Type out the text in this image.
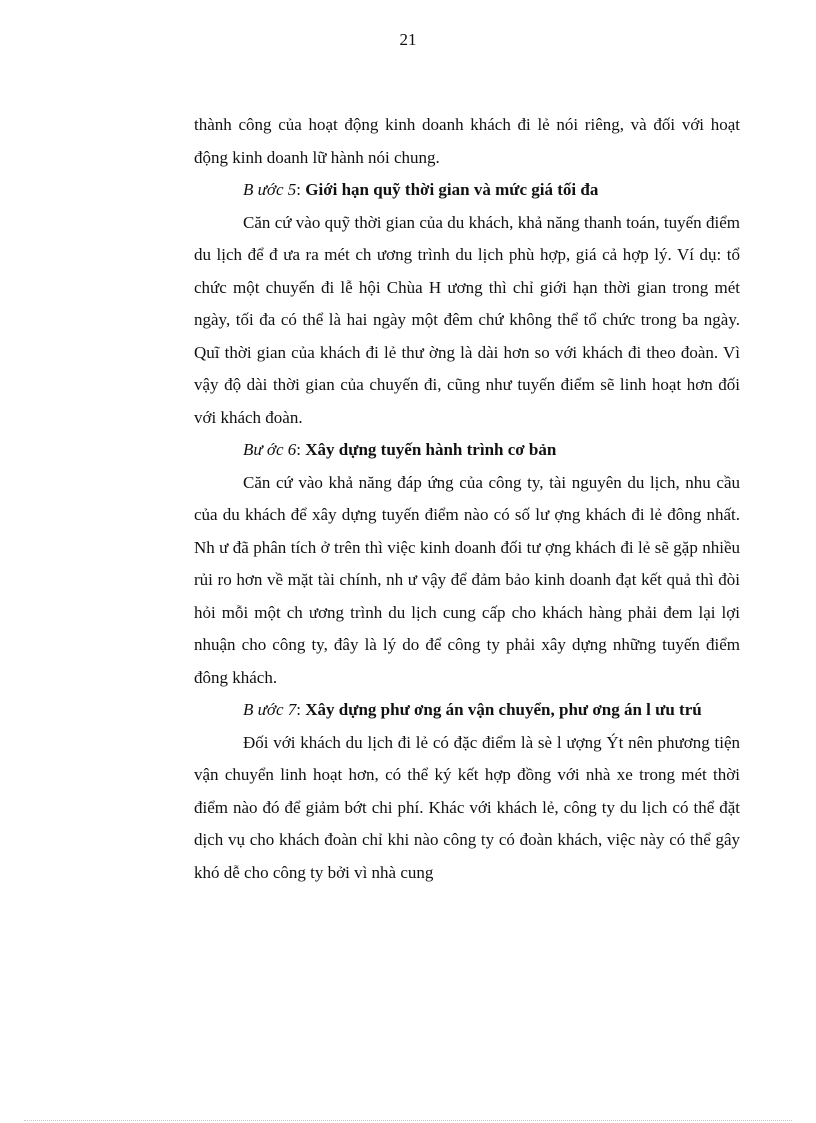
21

thành công của hoạt động kinh doanh khách đi lẻ nói riêng, và đối với hoạt động kinh doanh lữ hành nói chung.

B ước 5: Giới hạn quỹ thời gian và mức giá tối đa

Căn cứ vào quỹ thời gian của du khách, khả năng thanh toán, tuyến điểm du lịch để đ ưa ra mét ch ương trình du lịch phù hợp, giá cả hợp lý. Ví dụ: tổ chức một chuyến đi lễ hội Chùa H ương thì chỉ giới hạn thời gian trong mét ngày, tối đa có thể là hai ngày một đêm chứ không thể tổ chức trong ba ngày. Quĩ thời gian của khách đi lẻ thư ờng là dài hơn so với khách đi theo đoàn. Vì vậy độ dài thời gian của chuyến đi, cũng như tuyến điểm sẽ linh hoạt hơn đối với khách đoàn.

Bư ớc 6: Xây dựng tuyến hành trình cơ bản

Căn cứ vào khả năng đáp ứng của công ty, tài nguyên du lịch, nhu cầu của du khách để xây dựng tuyến điểm nào có số lư ợng khách đi lẻ đông nhất. Nh ư đã phân tích ở trên thì việc kinh doanh đối tư ợng khách đi lẻ sẽ gặp nhiều rủi ro hơn về mặt tài chính, nh ư vậy để đảm bảo kinh doanh đạt kết quả thì đòi hỏi mỗi một ch ương trình du lịch cung cấp cho khách hàng phải đem lại lợi nhuận cho công ty, đây là lý do để công ty phải xây dựng những tuyến điểm đông khách.

B ước 7: Xây dựng phư ơng án vận chuyển, phư ơng án l ưu trú

Đối với khách du lịch đi lẻ có đặc điểm là sè l ượng Ýt nên phương tiện vận chuyển linh hoạt hơn, có thể ký kết hợp đồng với nhà xe trong mét thời điểm nào đó để giảm bớt chi phí. Khác với khách lẻ, công ty du lịch có thể đặt dịch vụ cho khách đoàn chỉ khi nào công ty có đoàn khách, việc này có thể gây khó dễ cho công ty bởi vì nhà cung
